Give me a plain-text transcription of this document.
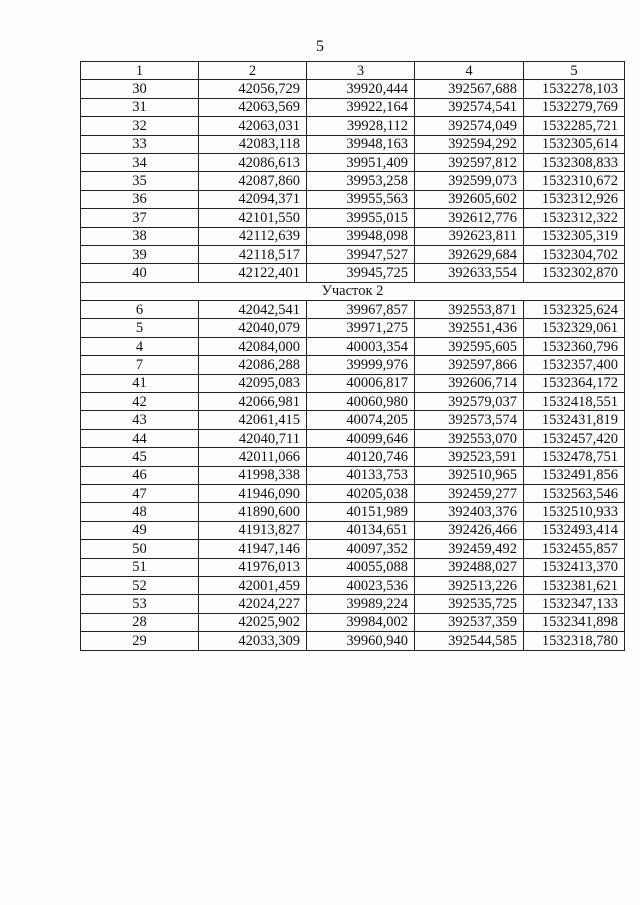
5
1	2	3	4	5
30	42056,729	39920,444	392567,688	1532278,103
31	42063,569	39922,164	392574,541	1532279,769
32	42063,031	39928,112	392574,049	1532285,721
33	42083,118	39948,163	392594,292	1532305,614
34	42086,613	39951,409	392597,812	1532308,833
35	42087,860	39953,258	392599,073	1532310,672
36	42094,371	39955,563	392605,602	1532312,926
37	42101,550	39955,015	392612,776	1532312,322
38	42112,639	39948,098	392623,811	1532305,319
39	42118,517	39947,527	392629,684	1532304,702
40	42122,401	39945,725	392633,554	1532302,870
Участок 2				
6	42042,541	39967,857	392553,871	1532325,624
5	42040,079	39971,275	392551,436	1532329,061
4	42084,000	40003,354	392595,605	1532360,796
7	42086,288	39999,976	392597,866	1532357,400
41	42095,083	40006,817	392606,714	1532364,172
42	42066,981	40060,980	392579,037	1532418,551
43	42061,415	40074,205	392573,574	1532431,819
44	42040,711	40099,646	392553,070	1532457,420
45	42011,066	40120,746	392523,591	1532478,751
46	41998,338	40133,753	392510,965	1532491,856
47	41946,090	40205,038	392459,277	1532563,546
48	41890,600	40151,989	392403,376	1532510,933
49	41913,827	40134,651	392426,466	1532493,414
50	41947,146	40097,352	392459,492	1532455,857
51	41976,013	40055,088	392488,027	1532413,370
52	42001,459	40023,536	392513,226	1532381,621
53	42024,227	39989,224	392535,725	1532347,133
28	42025,902	39984,002	392537,359	1532341,898
29	42033,309	39960,940	392544,585	1532318,780
